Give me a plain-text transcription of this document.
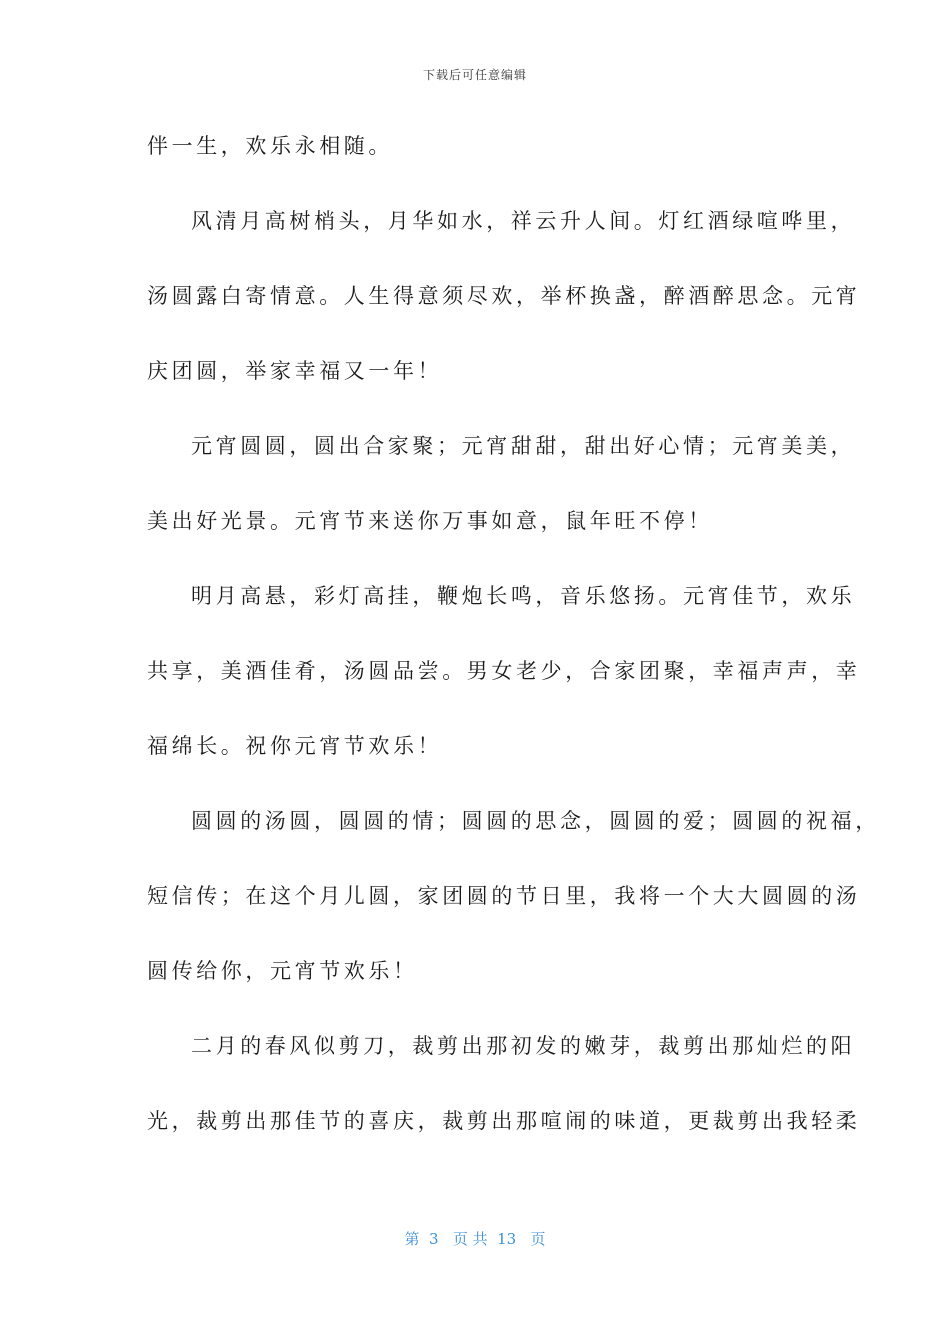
下载后可任意编辑
伴一生，欢乐永相随。
风清月高树梢头，月华如水，祥云升人间。灯红酒绿喧哗里，
汤圆露白寄情意。人生得意须尽欢，举杯换盏，醉酒醉思念。元宵
庆团圆，举家幸福又一年！
元宵圆圆，圆出合家聚；元宵甜甜，甜出好心情；元宵美美，
美出好光景。元宵节来送你万事如意，鼠年旺不停！
明月高悬，彩灯高挂，鞭炮长鸣，音乐悠扬。元宵佳节，欢乐
共享，美酒佳肴，汤圆品尝。男女老少，合家团聚，幸福声声，幸
福绵长。祝你元宵节欢乐！
圆圆的汤圆，圆圆的情；圆圆的思念，圆圆的爱；圆圆的祝福，
短信传；在这个月儿圆，家团圆的节日里，我将一个大大圆圆的汤
圆传给你，元宵节欢乐！
二月的春风似剪刀，裁剪出那初发的嫩芽，裁剪出那灿烂的阳
光，裁剪出那佳节的喜庆，裁剪出那喧闹的味道，更裁剪出我轻柔
第  3   页 共  13   页
